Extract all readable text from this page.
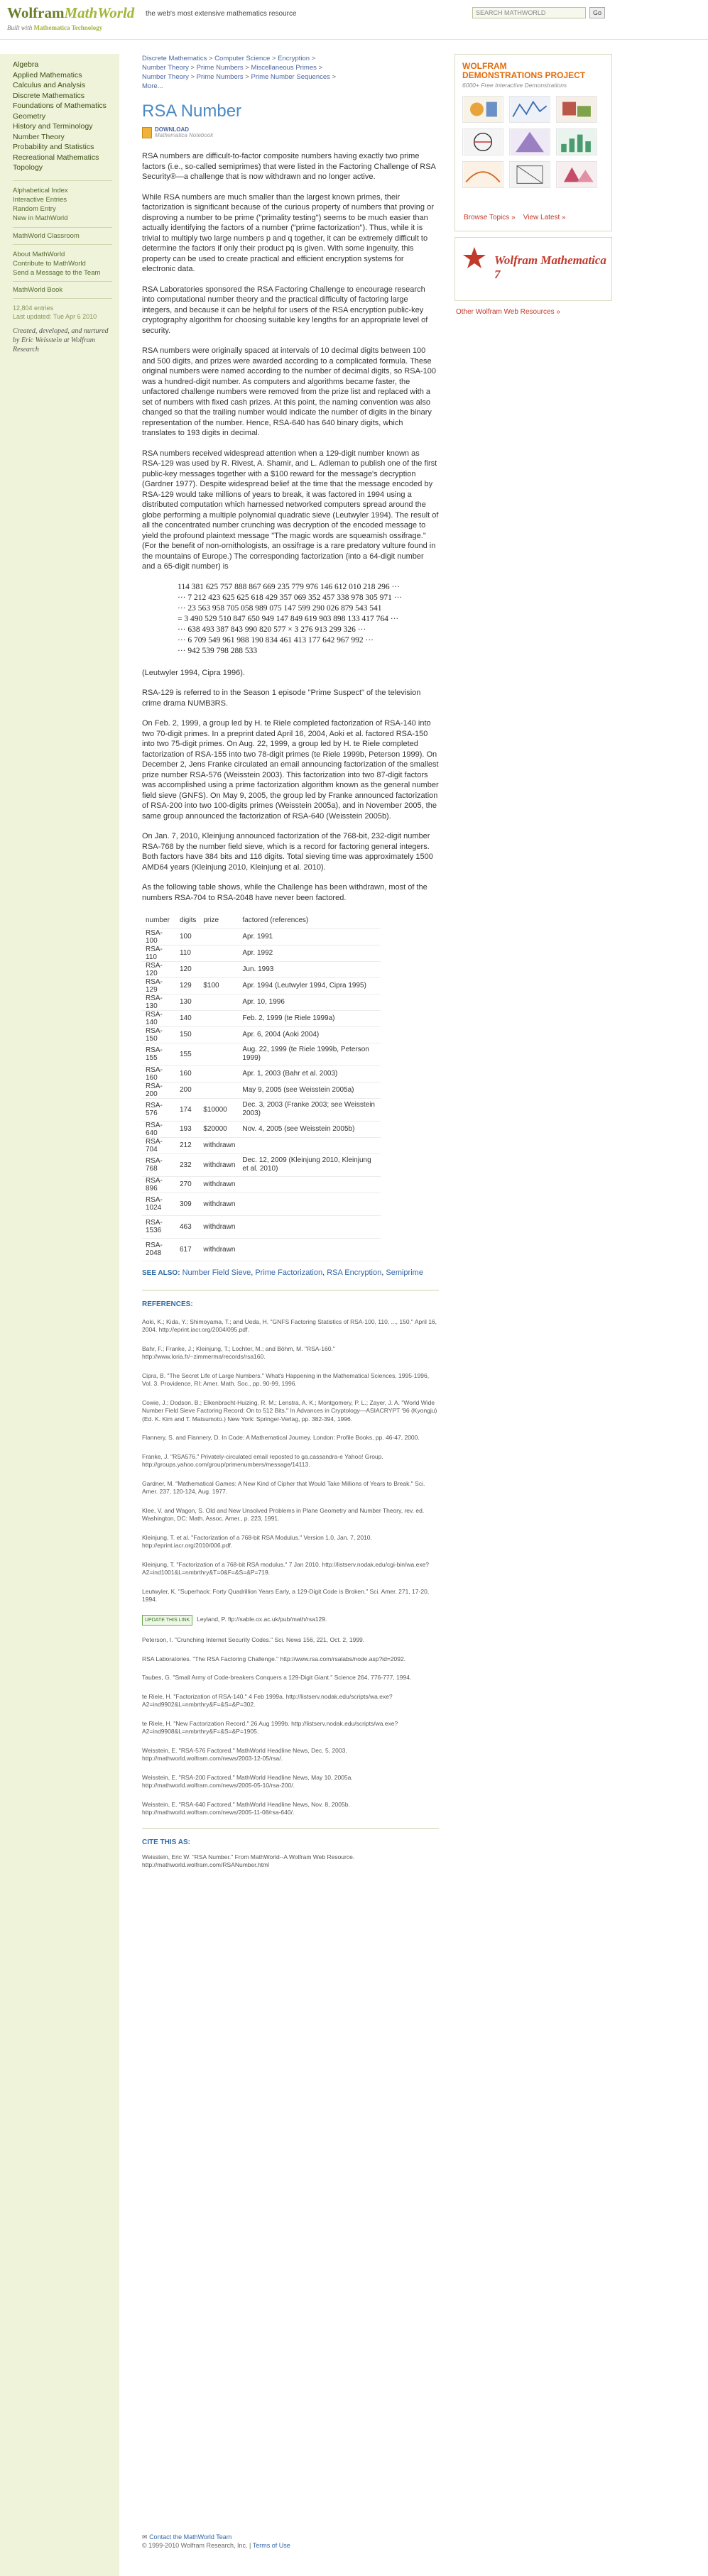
WolframMathWorld the web's most extensive mathematics resource
Built with Mathematica Technology
SEARCH MATHWORLD	Go
Algebra
Applied Mathematics
Calculus and Analysis
Discrete Mathematics
Foundations of Mathematics
Geometry
History and Terminology
Number Theory
Probability and Statistics
Recreational Mathematics
Topology
Alphabetical Index
Interactive Entries
Random Entry
New in MathWorld
MathWorld Classroom
About MathWorld
Contribute to MathWorld
Send a Message to the Team
MathWorld Book
12,804 entries
Last updated: Tue Apr 6 2010
Created, developed, and nurtured by Eric Weisstein at Wolfram Research
Discrete Mathematics > Computer Science > Encryption >
Number Theory > Prime Numbers > Miscellaneous Primes >
Number Theory > Prime Numbers > Prime Number Sequences >
More...
RSA Number
DOWNLOAD
Mathematica Notebook

RSA numbers are difficult-to-factor composite numbers having exactly two prime factors (i.e., so-called semiprimes) that were listed in the Factoring Challenge of RSA Security®—a challenge that is now withdrawn and no longer active.

While RSA numbers are much smaller than the largest known primes, their factorization is significant because of the curious property of numbers that proving or disproving a number to be prime ("primality testing") seems to be much easier than actually identifying the factors of a number ("prime factorization"). Thus, while it is trivial to multiply two large numbers p and q together, it can be extremely difficult to determine the factors if only their product pq is given. With some ingenuity, this property can be used to create practical and efficient encryption systems for electronic data.

RSA Laboratories sponsored the RSA Factoring Challenge to encourage research into computational number theory and the practical difficulty of factoring large integers, and because it can be helpful for users of the RSA encryption public-key cryptography algorithm for choosing suitable key lengths for an appropriate level of security.

RSA numbers were originally spaced at intervals of 10 decimal digits between 100 and 500 digits, and prizes were awarded according to a complicated formula. These original numbers were named according to the number of decimal digits, so RSA-100 was a hundred-digit number. As computers and algorithms became faster, the unfactored challenge numbers were removed from the prize list and replaced with a set of numbers with fixed cash prizes. At this point, the naming convention was also changed so that the trailing number would indicate the number of digits in the binary representation of the number. Hence, RSA-640 has 640 binary digits, which translates to 193 digits in decimal.

RSA numbers received widespread attention when a 129-digit number known as RSA-129 was used by R. Rivest, A. Shamir, and L. Adleman to publish one of the first public-key messages together with a $100 reward for the message's decryption (Gardner 1977). Despite widespread belief at the time that the message encoded by RSA-129 would take millions of years to break, it was factored in 1994 using a distributed computation which harnessed networked computers spread around the globe performing a multiple polynomial quadratic sieve (Leutwyler 1994). The result of all the concentrated number crunching was decryption of the encoded message to yield the profound plaintext message "The magic words are squeamish ossifrage." (For the benefit of non-ornithologists, an ossifrage is a rare predatory vulture found in the mountains of Europe.) The corresponding factorization (into a 64-digit number and a 65-digit number) is

114 381 625 757 888 867 669 235 779 976 146 612 010 218 296 ···
··· 7 212 423 625 625 618 429 357 069 352 457 338 978 305 971 ···
··· 23 563 958 705 058 989 075 147 599 290 026 879 543 541
= 3 490 529 510 847 650 949 147 849 619 903 898 133 417 764 ···
··· 638 493 387 843 990 820 577 × 3 276 913 299 326 ···
··· 6 709 549 961 988 190 834 461 413 177 642 967 992 ···
··· 942 539 798 288 533

(Leutwyler 1994, Cipra 1996).

RSA-129 is referred to in the Season 1 episode "Prime Suspect" of the television crime drama NUMB3RS.

On Feb. 2, 1999, a group led by H. te Riele completed factorization of RSA-140 into two 70-digit primes. In a preprint dated April 16, 2004, Aoki et al. factored RSA-150 into two 75-digit primes. On Aug. 22, 1999, a group led by H. te Riele completed factorization of RSA-155 into two 78-digit primes (te Riele 1999b, Peterson 1999). On December 2, Jens Franke circulated an email announcing factorization of the smallest prize number RSA-576 (Weisstein 2003). This factorization into two 87-digit factors was accomplished using a prime factorization algorithm known as the general number field sieve (GNFS). On May 9, 2005, the group led by Franke announced factorization of RSA-200 into two 100-digits primes (Weisstein 2005a), and in November 2005, the same group announced the factorization of RSA-640 (Weisstein 2005b).

On Jan. 7, 2010, Kleinjung announced factorization of the 768-bit, 232-digit number RSA-768 by the number field sieve, which is a record for factoring general integers. Both factors have 384 bits and 116 digits. Total sieving time was approximately 1500 AMD64 years (Kleinjung 2010, Kleinjung et al. 2010).

As the following table shows, while the Challenge has been withdrawn, most of the numbers RSA-704 to RSA-2048 have never been factored.

number	digits	prize	factored (references)
RSA-100	100		Apr. 1991
RSA-110	110		Apr. 1992
RSA-120	120		Jun. 1993
RSA-129	129	$100	Apr. 1994 (Leutwyler 1994, Cipra 1995)
RSA-130	130		Apr. 10, 1996
RSA-140	140		Feb. 2, 1999 (te Riele 1999a)
RSA-150	150		Apr. 6, 2004 (Aoki 2004)
RSA-155	155		Aug. 22, 1999 (te Riele 1999b, Peterson 1999)
RSA-160	160		Apr. 1, 2003 (Bahr et al. 2003)
RSA-200	200		May 9, 2005 (see Weisstein 2005a)
RSA-576	174	$10000	Dec. 3, 2003 (Franke 2003; see Weisstein 2003)
RSA-640	193	$20000	Nov. 4, 2005 (see Weisstein 2005b)
RSA-704	212	withdrawn	
RSA-768	232	withdrawn	Dec. 12, 2009 (Kleinjung 2010, Kleinjung et al. 2010)
RSA-896	270	withdrawn	
RSA-1024	309	withdrawn	
RSA-1536	463	withdrawn	
RSA-2048	617	withdrawn	
SEE ALSO: Number Field Sieve, Prime Factorization, RSA Encryption, Semiprime
REFERENCES:
Aoki, K.; Kida, Y.; Shimoyama, T.; and Ueda, H. "GNFS Factoring Statistics of RSA-100, 110, ..., 150." April 16, 2004. http://eprint.iacr.org/2004/095.pdf.
Bahr, F.; Franke, J.; Kleinjung, T.; Lochter, M.; and Böhm, M. "RSA-160." http://www.loria.fr/~zimmerma/records/rsa160.
Cipra, B. "The Secret Life of Large Numbers." What's Happening in the Mathematical Sciences, 1995-1996, Vol. 3. Providence, RI: Amer. Math. Soc., pp. 90-99, 1996.
Cowie, J.; Dodson, B.; Elkenbracht-Huizing, R. M.; Lenstra, A. K.; Montgomery, P. L.; Zayer, J. A. "World Wide Number Field Sieve Factoring Record: On to 512 Bits." In Advances in Cryptology—ASIACRYPT '96 (Kyongju) (Ed. K. Kim and T. Matsumoto.) New York: Springer-Verlag, pp. 382-394, 1996.
Flannery, S. and Flannery, D. In Code: A Mathematical Journey. London: Profile Books, pp. 46-47, 2000.
Franke, J. "RSA576." Privately-circulated email reposted to ga.cassandra-e Yahoo! Group. http://groups.yahoo.com/group/primenumbers/message/14113.
Gardner, M. "Mathematical Games: A New Kind of Cipher that Would Take Millions of Years to Break." Sci. Amer. 237, 120-124, Aug. 1977.
Klee, V. and Wagon, S. Old and New Unsolved Problems in Plane Geometry and Number Theory, rev. ed. Washington, DC: Math. Assoc. Amer., p. 223, 1991.
Kleinjung, T. et al. "Factorization of a 768-bit RSA Modulus." Version 1.0, Jan. 7, 2010. http://eprint.iacr.org/2010/006.pdf.
Kleinjung, T. "Factorization of a 768-bit RSA modulus." 7 Jan 2010. http://listserv.nodak.edu/cgi-bin/wa.exe?A2=ind1001&L=nmbrthry&T=0&F=&S=&P=719.
Leutwyler, K. "Superhack: Forty Quadrillion Years Early, a 129-Digit Code is Broken." Sci. Amer. 271, 17-20, 1994.
UPDATE THIS LINK Leyland, P. ftp://sable.ox.ac.uk/pub/math/rsa129.
Peterson, I. "Crunching Internet Security Codes." Sci. News 156, 221, Oct. 2, 1999.
RSA Laboratories. "The RSA Factoring Challenge." http://www.rsa.com/rsalabs/node.asp?id=2092.
Taubes, G. "Small Army of Code-breakers Conquers a 129-Digit Giant." Science 264, 776-777, 1994.
te Riele, H. "Factorization of RSA-140." 4 Feb 1999a. http://listserv.nodak.edu/scripts/wa.exe?A2=ind9902&L=nmbrthry&F=&S=&P=302.
te Riele, H. "New Factorization Record." 26 Aug 1999b. http://listserv.nodak.edu/scripts/wa.exe?A2=ind9908&L=nmbrthry&F=&S=&P=1905.
Weisstein, E. "RSA-576 Factored." MathWorld Headline News, Dec. 5, 2003. http://mathworld.wolfram.com/news/2003-12-05/rsa/.
Weisstein, E. "RSA-200 Factored." MathWorld Headline News, May 10, 2005a. http://mathworld.wolfram.com/news/2005-05-10/rsa-200/.
Weisstein, E. "RSA-640 Factored." MathWorld Headline News, Nov. 8, 2005b. http://mathworld.wolfram.com/news/2005-11-08/rsa-640/.
CITE THIS AS:
Weisstein, Eric W. "RSA Number." From MathWorld--A Wolfram Web Resource. http://mathworld.wolfram.com/RSANumber.html
WOLFRAM
DEMONSTRATIONS PROJECT
6000+ Free Interactive Demonstrations
Browse Topics » View Latest »
Wolfram Mathematica 7
Other Wolfram Web Resources »
✉ Contact the MathWorld Team
© 1999-2010 Wolfram Research, Inc. | Terms of Use
